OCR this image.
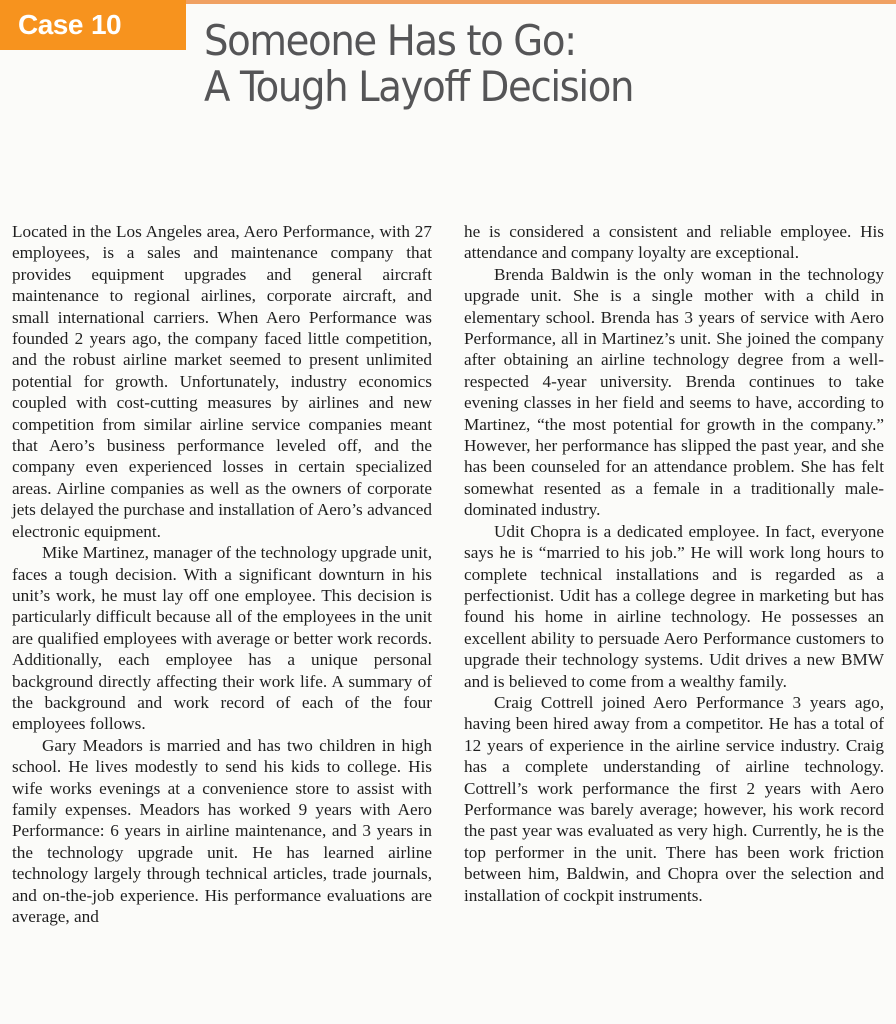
Case 10	Someone Has to Go:
A Tough Layoff Decision

Located in the Los Angeles area, Aero Performance, with 27 employees, is a sales and maintenance company that provides equipment upgrades and general aircraft maintenance to regional airlines, corporate aircraft, and small international carriers. When Aero Performance was founded 2 years ago, the company faced little competition, and the robust airline market seemed to present unlimited potential for growth. Unfortunately, industry economics coupled with cost-cutting measures by airlines and new competition from similar airline service companies meant that Aero’s business performance leveled off, and the company even experienced losses in certain specialized areas. Airline companies as well as the owners of corporate jets delayed the purchase and installation of Aero’s advanced electronic equipment.

Mike Martinez, manager of the technology upgrade unit, faces a tough decision. With a significant downturn in his unit’s work, he must lay off one employee. This decision is particularly difficult because all of the employees in the unit are qualified employees with average or better work records. Additionally, each employee has a unique personal background directly affecting their work life. A summary of the background and work record of each of the four employees follows.

Gary Meadors is married and has two children in high school. He lives modestly to send his kids to college. His wife works evenings at a convenience store to assist with family expenses. Meadors has worked 9 years with Aero Performance: 6 years in airline maintenance, and 3 years in the technology upgrade unit. He has learned airline technology largely through technical articles, trade journals, and on-the-job experience. His performance evaluations are average, and

he is considered a consistent and reliable employee. His attendance and company loyalty are exceptional.

Brenda Baldwin is the only woman in the technology upgrade unit. She is a single mother with a child in elementary school. Brenda has 3 years of service with Aero Performance, all in Martinez’s unit. She joined the company after obtaining an airline technology degree from a well-respected 4-year university. Brenda continues to take evening classes in her field and seems to have, according to Martinez, “the most potential for growth in the company.” However, her performance has slipped the past year, and she has been counseled for an attendance problem. She has felt somewhat resented as a female in a traditionally male-dominated industry.

Udit Chopra is a dedicated employee. In fact, everyone says he is “married to his job.” He will work long hours to complete technical installations and is regarded as a perfectionist. Udit has a college degree in marketing but has found his home in airline technology. He possesses an excellent ability to persuade Aero Performance customers to upgrade their technology systems. Udit drives a new BMW and is believed to come from a wealthy family.

Craig Cottrell joined Aero Performance 3 years ago, having been hired away from a competitor. He has a total of 12 years of experience in the airline service industry. Craig has a complete understanding of airline technology. Cottrell’s work performance the first 2 years with Aero Performance was barely average; however, his work record the past year was evaluated as very high. Currently, he is the top performer in the unit. There has been work friction between him, Baldwin, and Chopra over the selection and installation of cockpit instruments.
